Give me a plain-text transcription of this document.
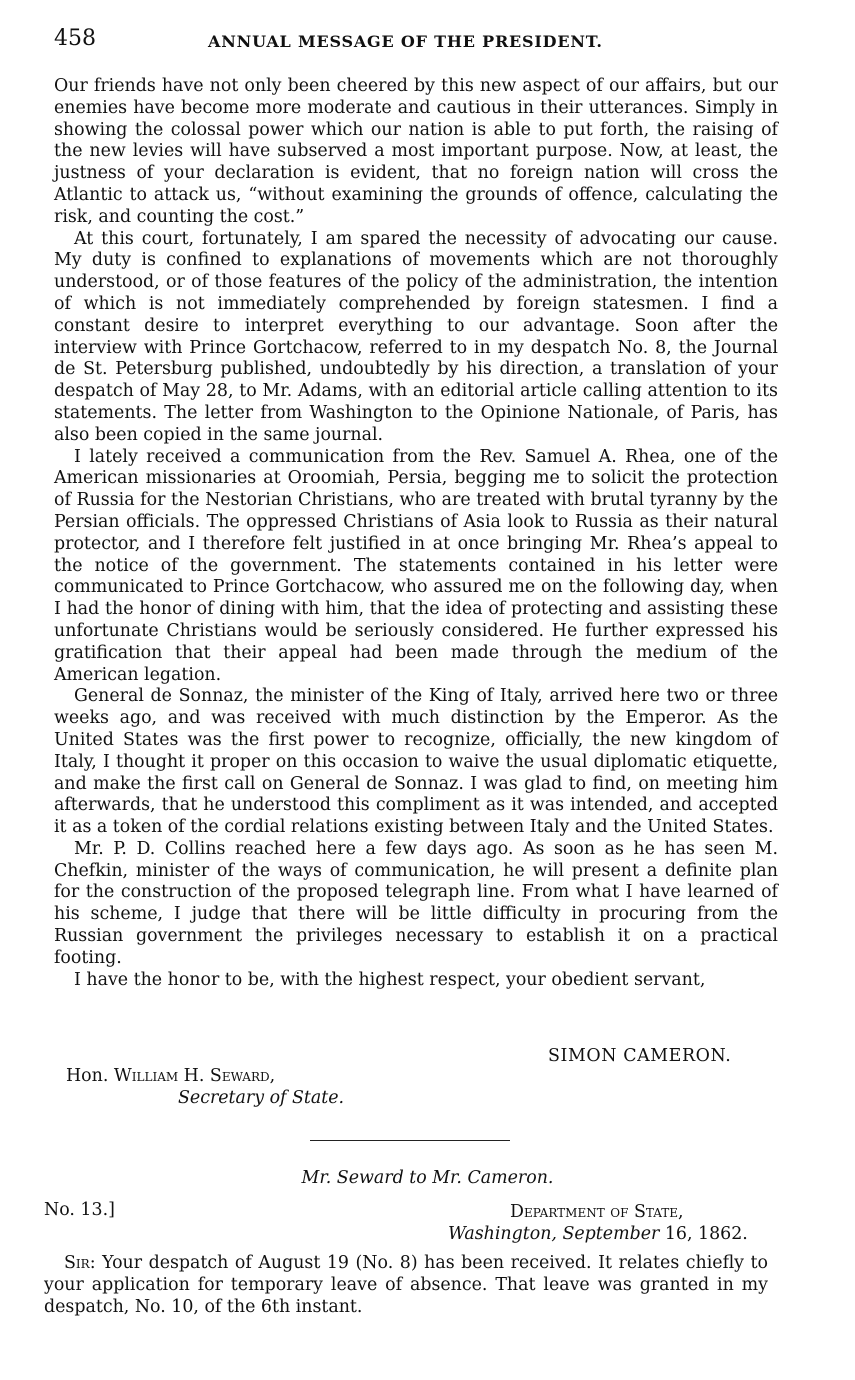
458	ANNUAL MESSAGE OF THE PRESIDENT.

Our friends have not only been cheered by this new aspect of our affairs, but our enemies have become more moderate and cautious in their utterances. Simply in showing the colossal power which our nation is able to put forth, the raising of the new levies will have subserved a most important purpose. Now, at least, the justness of your declaration is evident, that no foreign nation will cross the Atlantic to attack us, “without examining the grounds of offence, calculating the risk, and counting the cost.”

At this court, fortunately, I am spared the necessity of advocating our cause. My duty is confined to explanations of movements which are not thoroughly understood, or of those features of the policy of the administration, the intention of which is not immediately comprehended by foreign statesmen. I find a constant desire to interpret everything to our advantage. Soon after the interview with Prince Gortchacow, referred to in my despatch No. 8, the Journal de St. Petersburg published, undoubtedly by his direction, a translation of your despatch of May 28, to Mr. Adams, with an editorial article calling attention to its statements. The letter from Washington to the Opinione Nationale, of Paris, has also been copied in the same journal.

I lately received a communication from the Rev. Samuel A. Rhea, one of the American missionaries at Oroomiah, Persia, begging me to solicit the protection of Russia for the Nestorian Christians, who are treated with brutal tyranny by the Persian officials. The oppressed Christians of Asia look to Russia as their natural protector, and I therefore felt justified in at once bringing Mr. Rhea’s appeal to the notice of the government. The statements contained in his letter were communicated to Prince Gortchacow, who assured me on the following day, when I had the honor of dining with him, that the idea of protecting and assisting these unfortunate Christians would be seriously considered. He further expressed his gratification that their appeal had been made through the medium of the American legation.

General de Sonnaz, the minister of the King of Italy, arrived here two or three weeks ago, and was received with much distinction by the Emperor. As the United States was the first power to recognize, officially, the new kingdom of Italy, I thought it proper on this occasion to waive the usual diplomatic etiquette, and make the first call on General de Sonnaz. I was glad to find, on meeting him afterwards, that he understood this compliment as it was intended, and accepted it as a token of the cordial relations existing between Italy and the United States.

Mr. P. D. Collins reached here a few days ago. As soon as he has seen M. Chefkin, minister of the ways of communication, he will present a definite plan for the construction of the proposed telegraph line. From what I have learned of his scheme, I judge that there will be little difficulty in procuring from the Russian government the privileges necessary to establish it on a practical footing.

I have the honor to be, with the highest respect, your obedient servant,

SIMON CAMERON.
Hon. William H. Seward,
Secretary of State.
Mr. Seward to Mr. Cameron.
No. 13.]	Department of State,
Washington, September 16, 1862.

Sir: Your despatch of August 19 (No. 8) has been received. It relates chiefly to your application for temporary leave of absence. That leave was granted in my despatch, No. 10, of the 6th instant.
